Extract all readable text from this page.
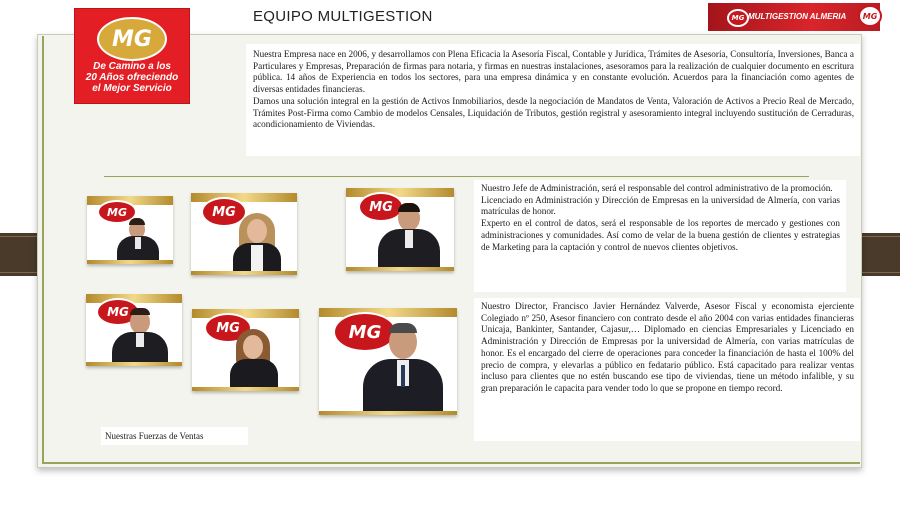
MG
De Camino a los
20 Años ofreciendo
el Mejor Servicio
EQUIPO MULTIGESTION	MG MULTIGESTION ALMERIA MG

Nuestra Empresa nace en 2006, y desarrollamos con Plena Eficacia la Asesoría Fiscal, Contable y Jurídica, Trámites de Asesoría, Consultoría, Inversiones, Banca a Particulares y Empresas, Preparación de firmas para notaria, y firmas en nuestras instalaciones, asesoramos para la realización de cualquier documento en escritura pública. 14 años de Experiencia en todos los sectores, para una empresa dinámica y en constante evolución. Acuerdos para la financiación como agentes de diversas entidades financieras.

Damos una solución integral en la gestión de Activos Inmobiliarios, desde la negociación de Mandatos de Venta, Valoración de Activos a Precio Real de Mercado, Trámites Post-Firma como Cambio de modelos Censales, Liquidación de Tributos, gestión registral y asesoramiento integral incluyendo sustitución de Cerraduras, acondicionamiento de Viviendas.

Nuestro Jefe de Administración, será el responsable del control administrativo de la promoción.

Licenciado en Administración y Dirección de Empresas en la universidad de Almería, con varias matrículas de honor.

Experto en el control de datos, será el responsable de los reportes de mercado y gestiones con administraciones y comunidades. Así como de velar de la buena gestión de clientes y estrategias de Marketing para la captación y control de nuevos clientes objetivos.

Nuestro Director, Francisco Javier Hernández Valverde, Asesor Fiscal y economista ejerciente Colegiado nº 250, Asesor financiero con contrato desde el año 2004 con varias entidades financieras Unicaja, Bankinter, Santander, Cajasur,… Diplomado en ciencias Empresariales y Licenciado en Administración y Dirección de Empresas por la universidad de Almería, con varias matrículas de honor. Es el encargado del cierre de operaciones para conceder la financiación de hasta el 100% del precio de compra, y elevarlas a público en fedatario público. Está capacitado para realizar ventas incluso para clientes que no estén buscando ese tipo de viviendas, tiene un método infalible, y su gran preparación le capacita para vender todo lo que se propone en tiempo record.

MG	MG	MG
MG
MG	MG
Nuestras Fuerzas de Ventas
